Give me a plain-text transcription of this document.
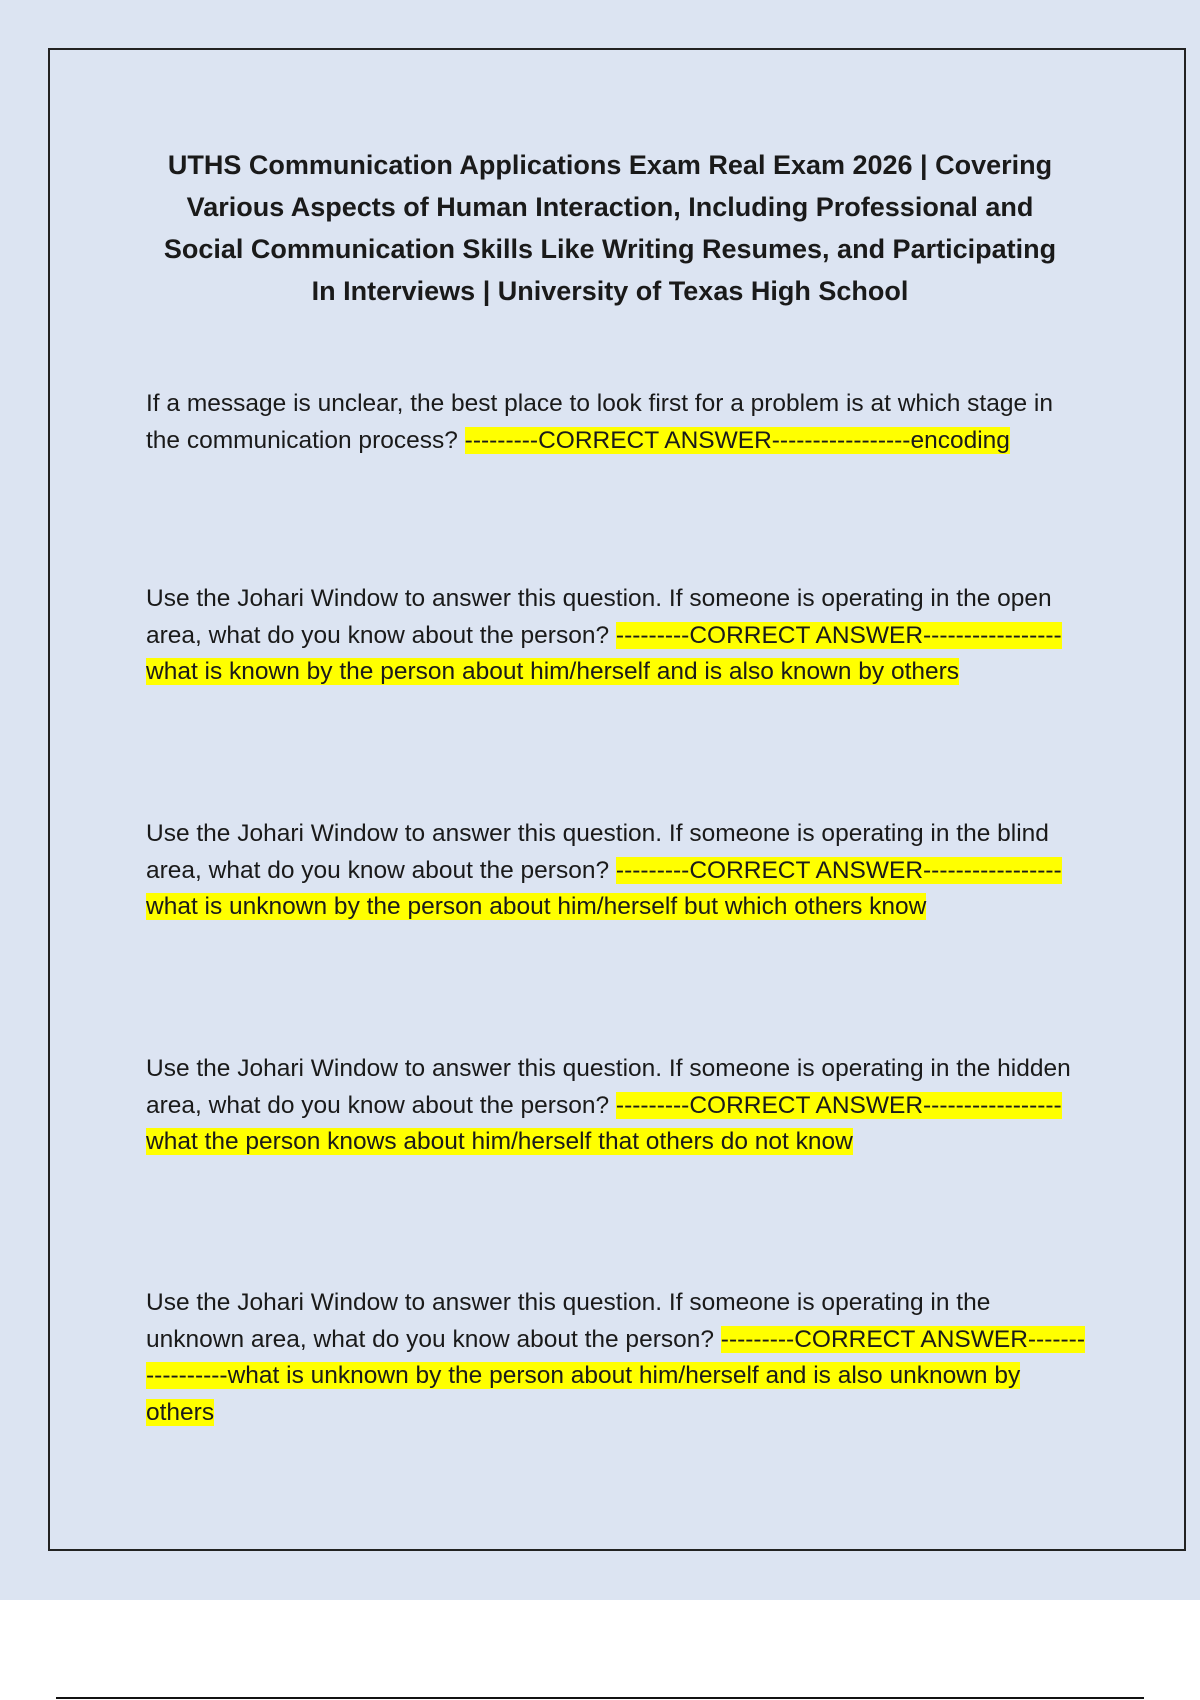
UTHS Communication Applications Exam Real Exam 2026 | Covering Various Aspects of Human Interaction, Including Professional and Social Communication Skills Like Writing Resumes, and Participating In Interviews | University of Texas High School

If a message is unclear, the best place to look first for a problem is at which stage in the communication process? ---------CORRECT ANSWER-----------------encoding

Use the Johari Window to answer this question. If someone is operating in the open area, what do you know about the person? ---------CORRECT ANSWER-----------------what is known by the person about him/herself and is also known by others

Use the Johari Window to answer this question. If someone is operating in the blind area, what do you know about the person? ---------CORRECT ANSWER-----------------what is unknown by the person about him/herself but which others know

Use the Johari Window to answer this question. If someone is operating in the hidden area, what do you know about the person? ---------CORRECT ANSWER-----------------what the person knows about him/herself that others do not know

Use the Johari Window to answer this question. If someone is operating in the unknown area, what do you know about the person? ---------CORRECT ANSWER-----------------what is unknown by the person about him/herself and is also unknown by others
